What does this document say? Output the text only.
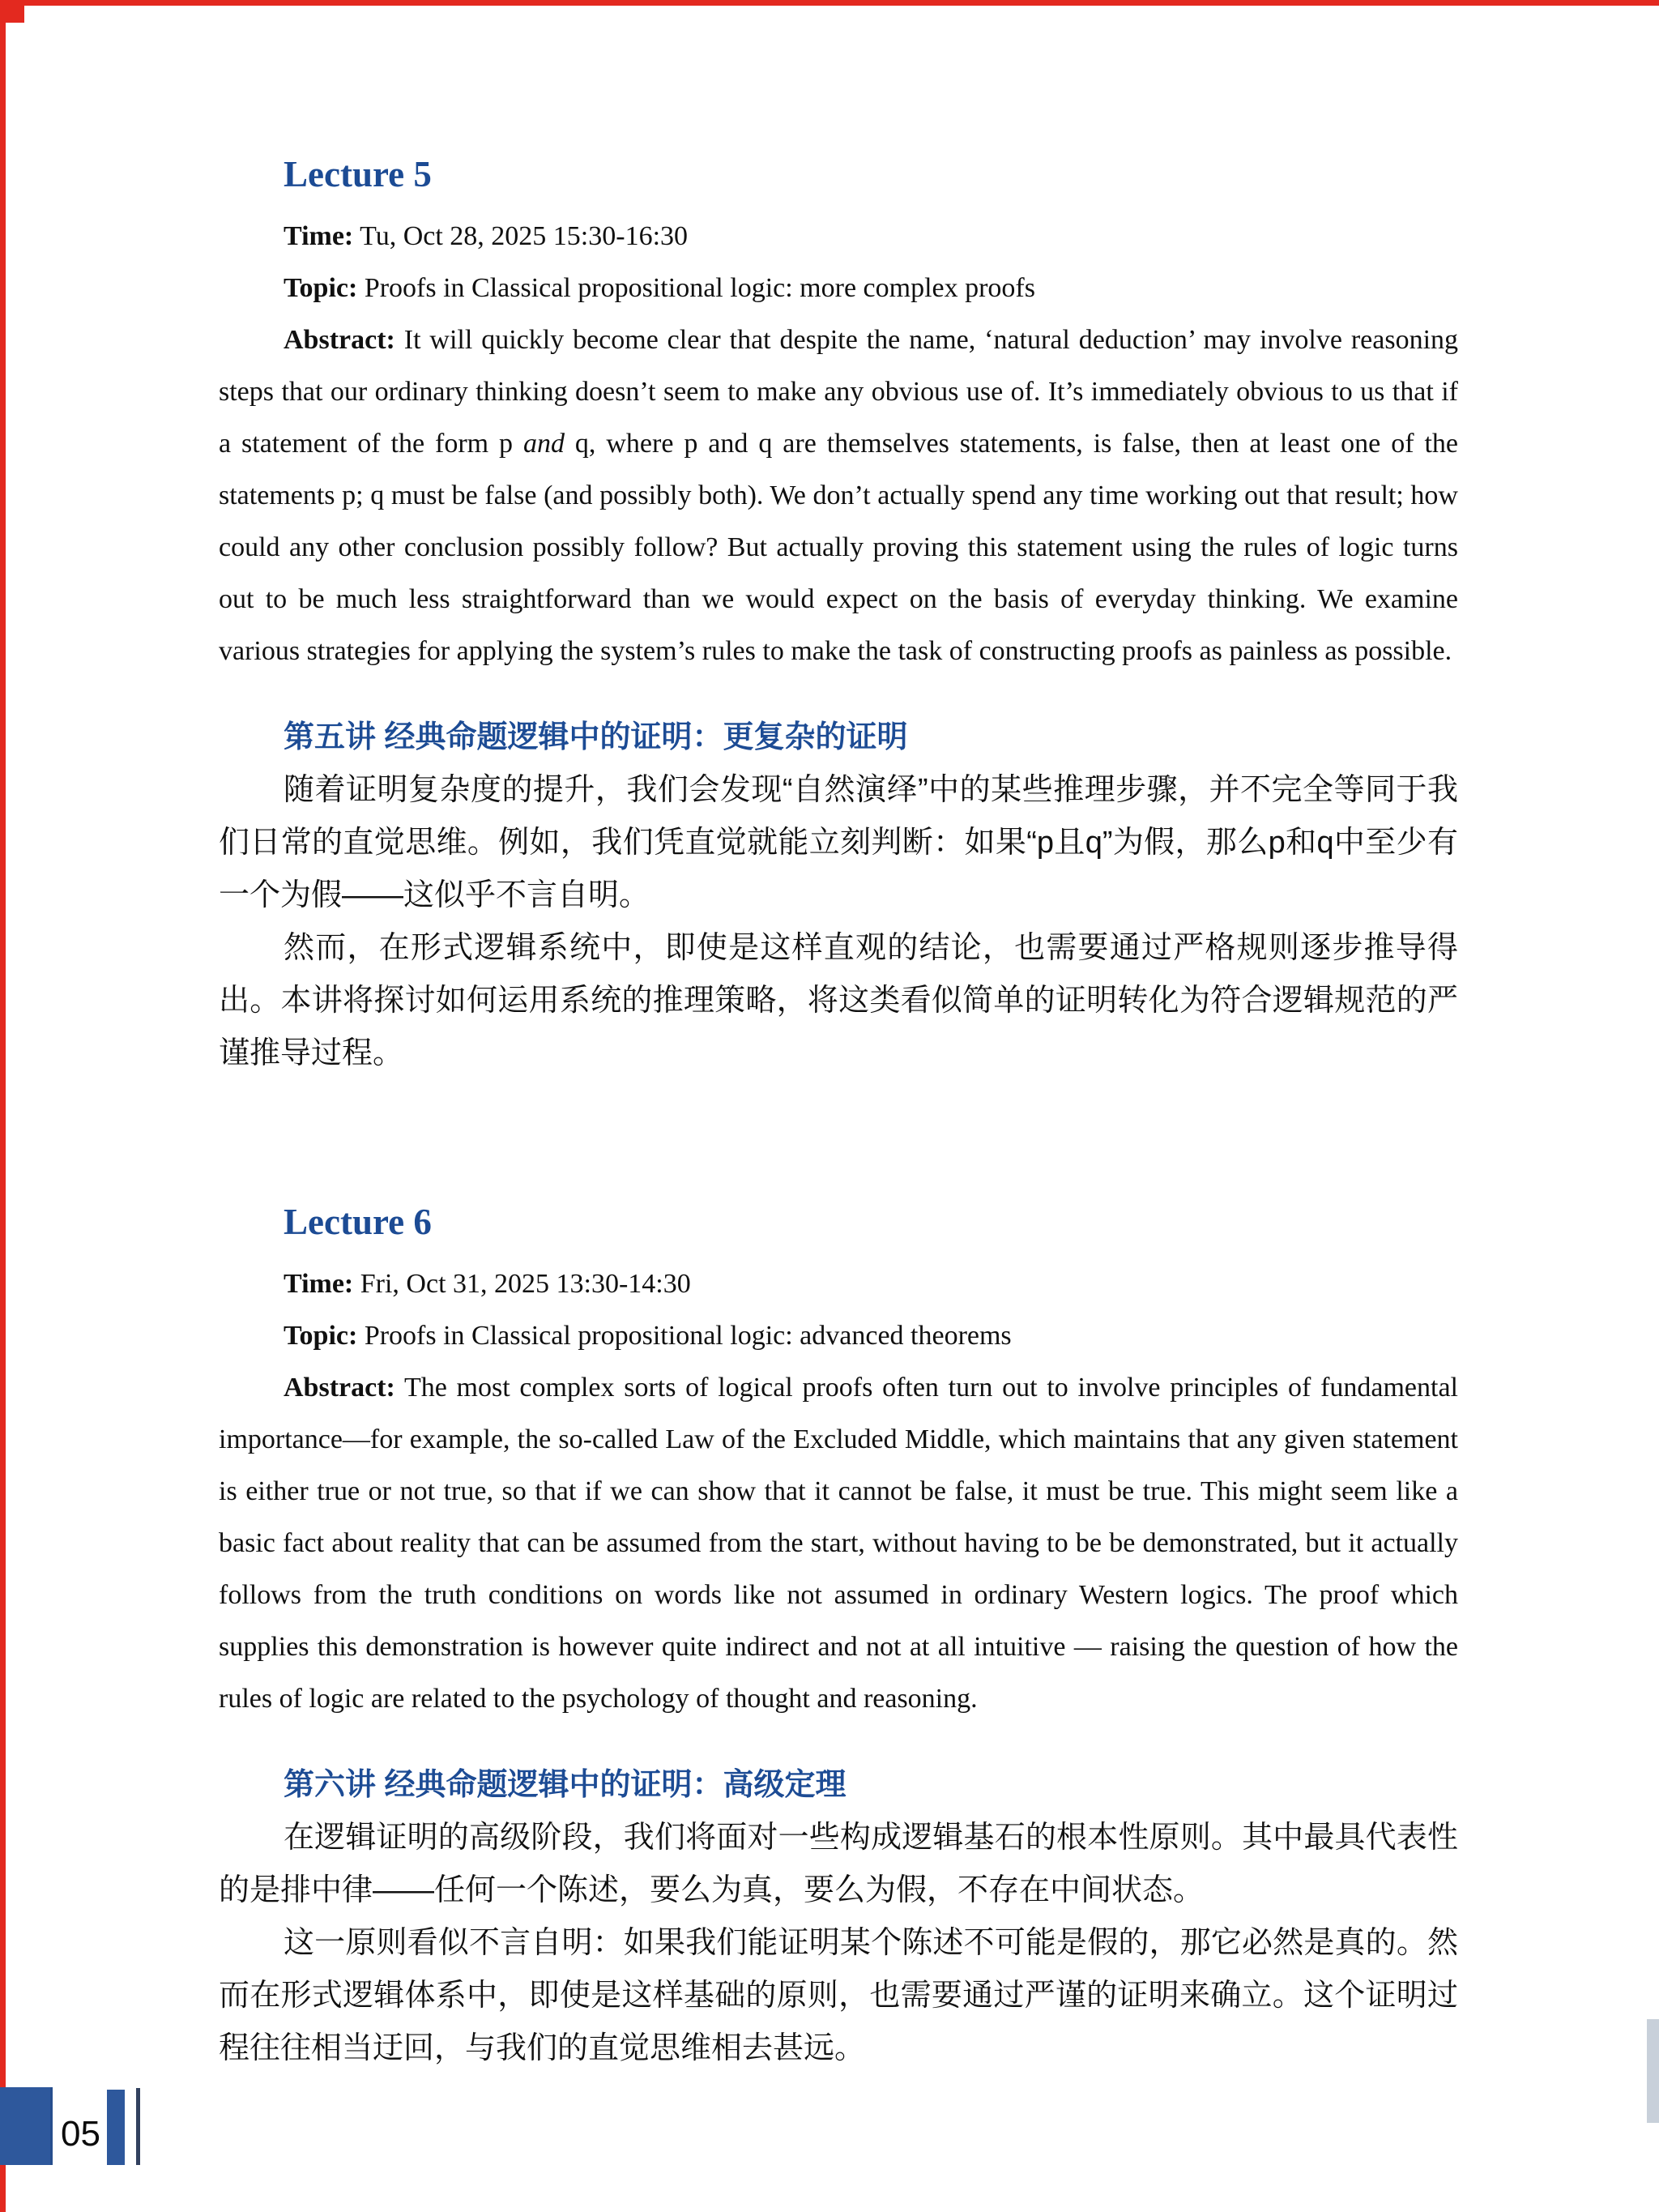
Lecture 5

Time: Tu, Oct 28, 2025 15:30-16:30

Topic: Proofs in Classical propositional logic: more complex proofs

Abstract: It will quickly become clear that despite the name, ‘natural deduction’ may involve reasoning steps that our ordinary thinking doesn’t seem to make any obvious use of. It’s immediately obvious to us that if a statement of the form p and q, where p and q are themselves statements, is false, then at least one of the statements p; q must be false (and possibly both). We don’t actually spend any time working out that result; how could any other conclusion possibly follow? But actually proving this statement using the rules of logic turns out to be much less straightforward than we would expect on the basis of everyday thinking. We examine various strategies for applying the system’s rules to make the task of constructing proofs as painless as possible.

第五讲 经典命题逻辑中的证明：更复杂的证明

随着证明复杂度的提升，我们会发现“自然演绎”中的某些推理步骤，并不完全等同于我们日常的直觉思维。例如，我们凭直觉就能立刻判断：如果“p且q”为假，那么p和q中至少有一个为假——这似乎不言自明。

然而，在形式逻辑系统中，即使是这样直观的结论，也需要通过严格规则逐步推导得出。本讲将探讨如何运用系统的推理策略，将这类看似简单的证明转化为符合逻辑规范的严谨推导过程。

Lecture 6

Time: Fri, Oct 31, 2025 13:30-14:30

Topic: Proofs in Classical propositional logic: advanced theorems

Abstract: The most complex sorts of logical proofs often turn out to involve principles of fundamental importance—for example, the so-called Law of the Excluded Middle, which maintains that any given statement is either true or not true, so that if we can show that it cannot be false, it must be true. This might seem like a basic fact about reality that can be assumed from the start, without having to be be demonstrated, but it actually follows from the truth conditions on words like not assumed in ordinary Western logics. The proof which supplies this demonstration is however quite indirect and not at all intuitive — raising the question of how the rules of logic are related to the psychology of thought and reasoning.

第六讲 经典命题逻辑中的证明：高级定理

在逻辑证明的高级阶段，我们将面对一些构成逻辑基石的根本性原则。其中最具代表性的是排中律——任何一个陈述，要么为真，要么为假，不存在中间状态。

这一原则看似不言自明：如果我们能证明某个陈述不可能是假的，那它必然是真的。然而在形式逻辑体系中，即使是这样基础的原则，也需要通过严谨的证明来确立。这个证明过程往往相当迂回，与我们的直觉思维相去甚远。

05
